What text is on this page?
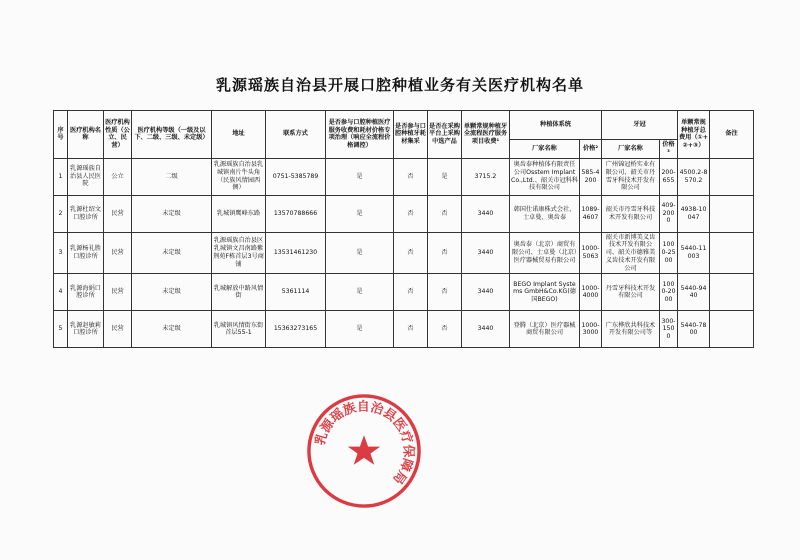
乳源瑶族自治县开展口腔种植业务有关医疗机构名单
序号	医疗机构名称	医疗机构性质（公立、民营）	医疗机构等级（一级及以下、二级、三级、未定级）	地址	联系方式	是否参与口腔种植医疗服务收费和耗材价格专项治理（响应全流程价格调控）	是否参与口腔种植牙耗材集采	是否在采购平台上采购中选产品	单颗常规种植牙全流程医疗服务项目收费¹	种植体系统		牙冠		单颗常规种植牙总费用（①+②+③）	备注
										厂家名称	价格²	厂家名称	价格³		
1	乳源瑶族自治县人民医院	公立	二级	乳源瑶族自治县乳城镇南片牛头角（民族风情园西侧）	0751-5385789	是	否	是	3715.2	奥齿泰种植体有限责任公司Osstem Implant Co.,Ltd.、韶关市冠科科技有限公司	585-4200	广州锦冠桥实业有限公司、韶关市丹雪牙科技术开发有限公司	200-655	4500.2-8570.2	
2	乳源杜绍文口腔诊所	民营	未定级	乳城镇鹰峰东路	13570788666	是	否	否	3440	韩国仕诺康株式会社、士卓曼、奥齿泰	1089-4607	韶关市丹雪牙科技术开发有限公司	409-2000	4938-10047	
3	乳源杨礼胜口腔诊所	民营	未定级	乳源瑶族自治县区乳城镇文昌南路紫荆苑F栋首层3号商铺	13531461230	是	否	否	3440	奥齿泰（北京）商贸有限公司、士卓曼（北京）医疗器械贸易有限公司	1000-5063	韶关市新博美义齿技术开发有限公司、韶关市德雅美义齿技术开发有限公司	1000-2500	5440-11003	
4	乳源海娟口腔诊所	民营	未定级	乳城解放中路风情街	5361114	是	否	否	3440	BEGO Implant Systems GmbH&Co.KG(德国BEGO)	1000-4000	丹雪牙科技术开发有限公司	1000-2000	5440-9440	
5	乳源赵敏莉口腔诊所	民营	未定级	乳城镇风情街东街首层55-1	15363273165	是	否	否	3440	登腾（北京）医疗器械商贸有限公司	1000-3000	广东桦欣共科技术开发有限公司等	300-1500	5440-7800	
乳源瑶族自治县医疗保障局
